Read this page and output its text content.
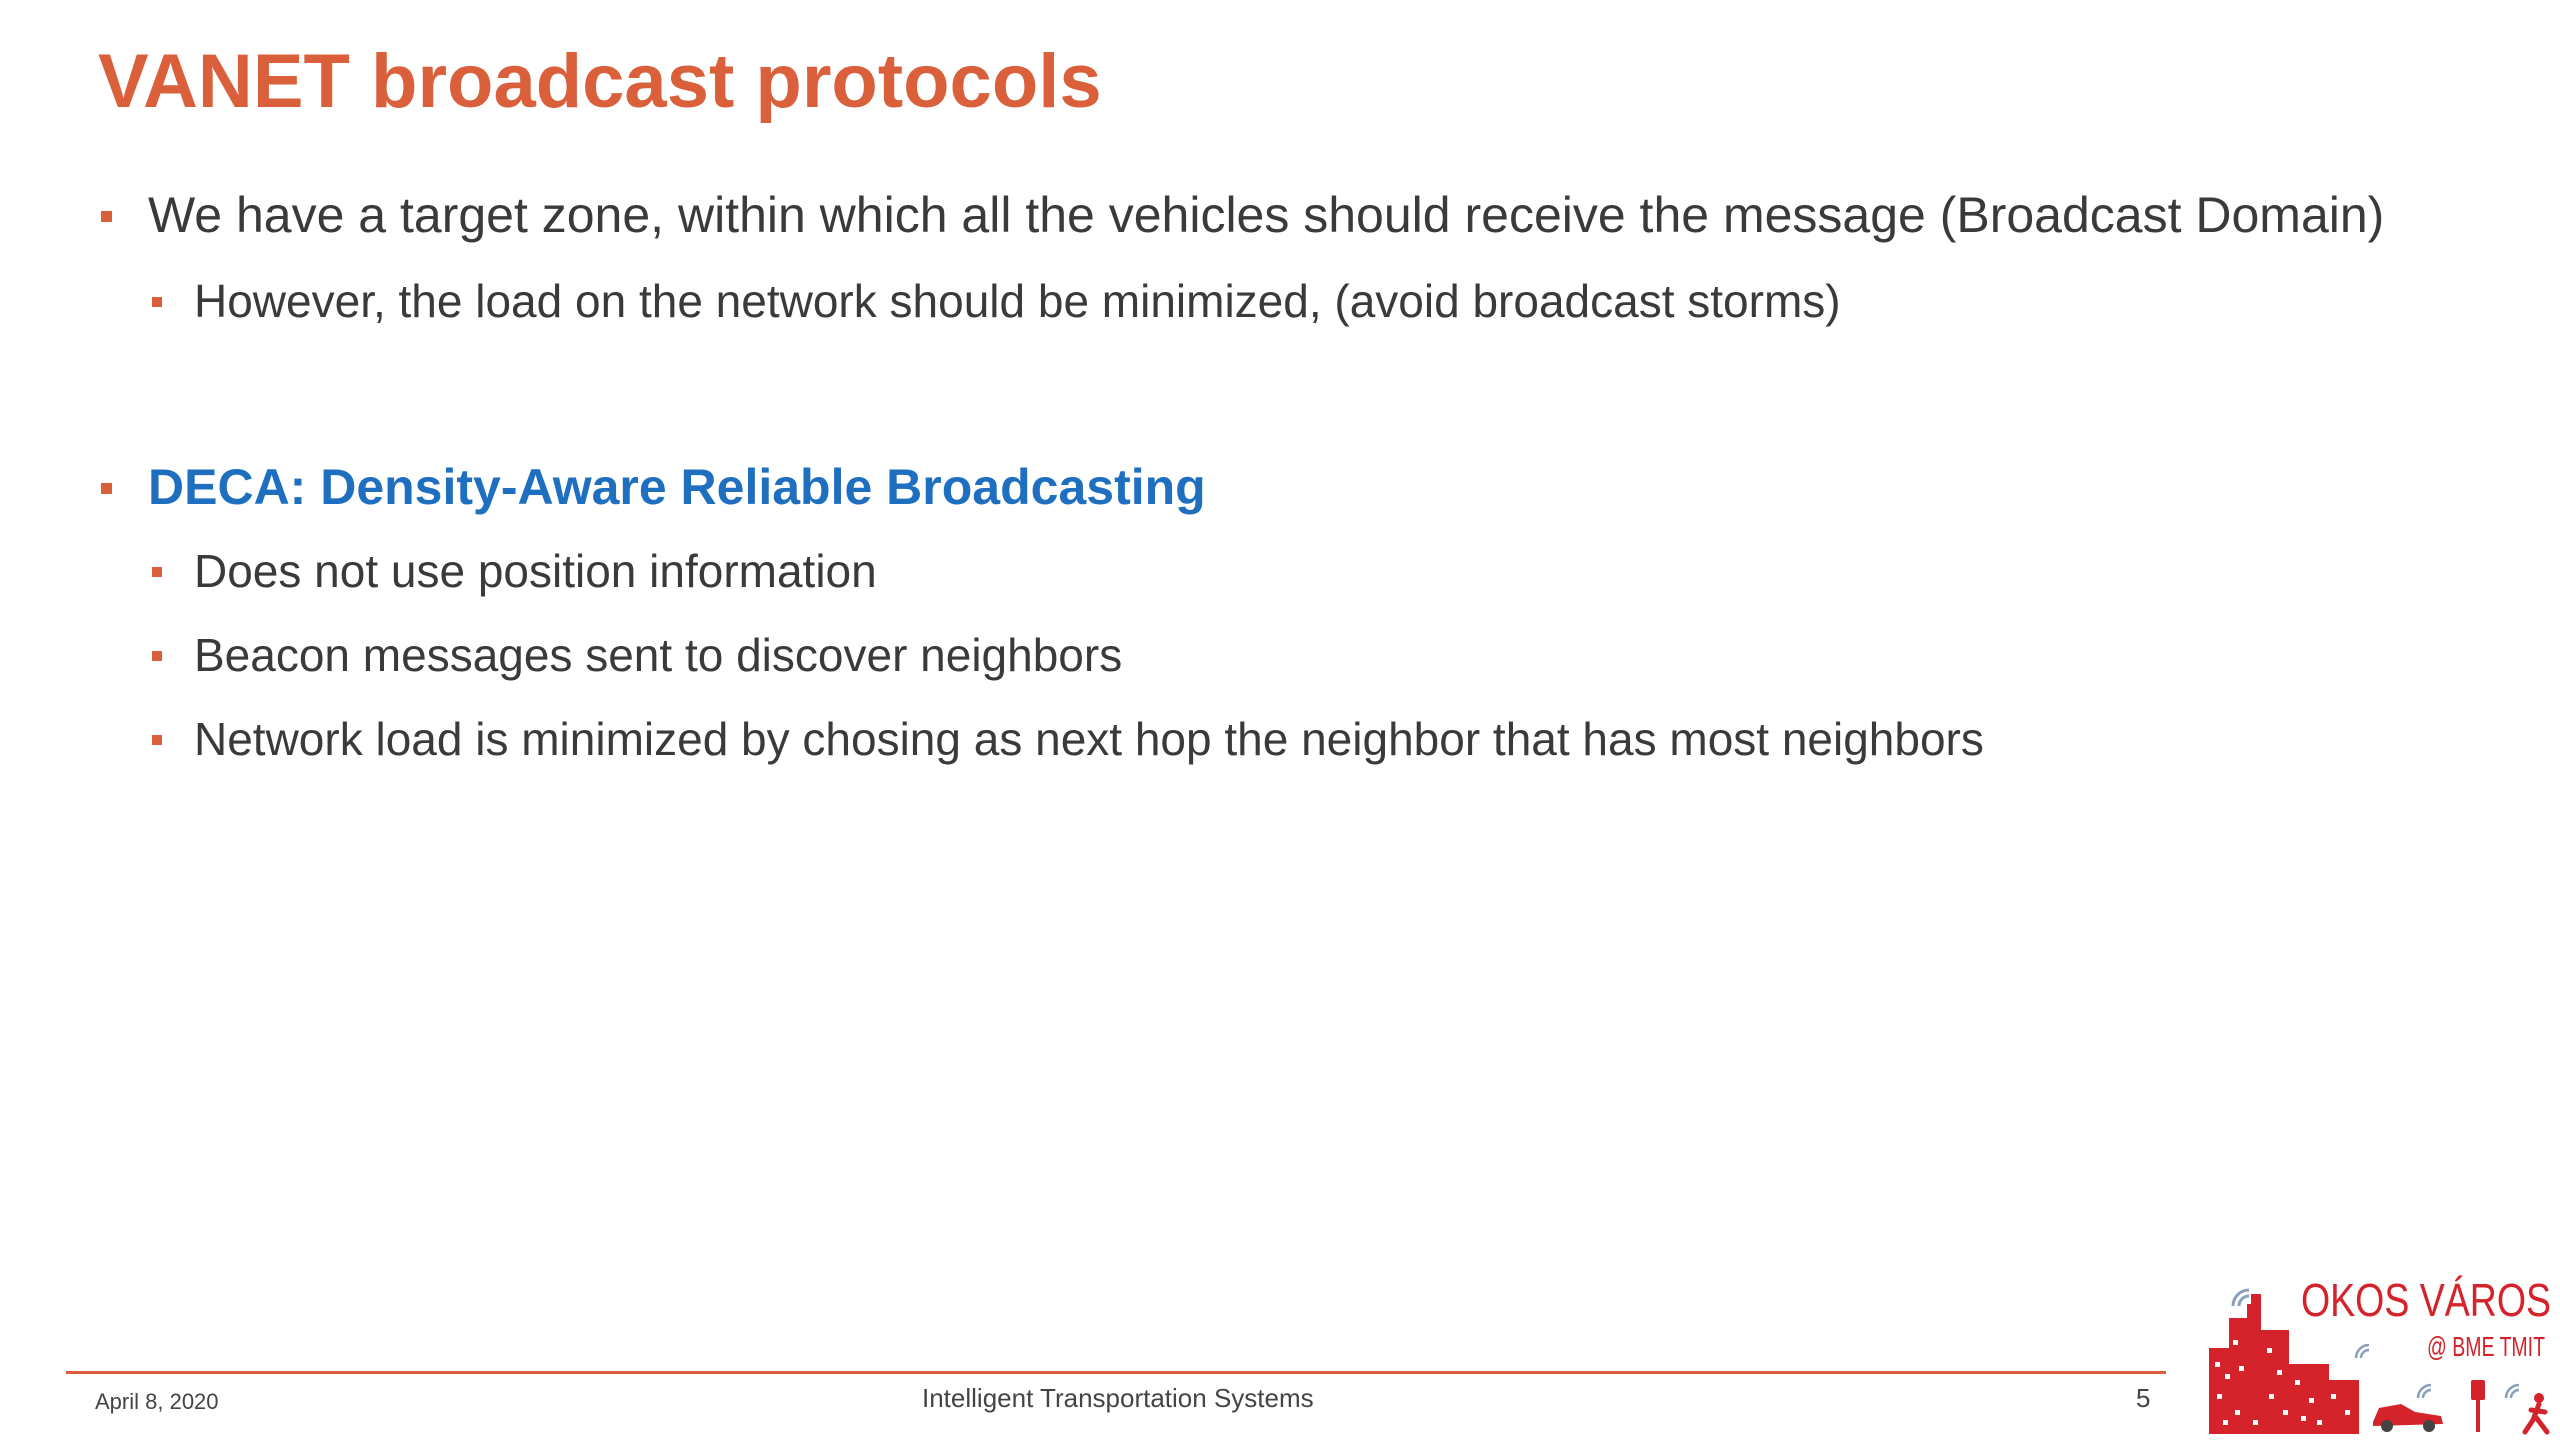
VANET broadcast protocols
We have a target zone, within which all the vehicles should receive the message (Broadcast Domain)
However, the load on the network should be minimized, (avoid broadcast storms)
DECA: Density-Aware Reliable Broadcasting
Does not use position information
Beacon messages sent to discover neighbors
Network load is minimized by chosing as next hop the neighbor that has most neighbors
April 8, 2020	Intelligent Transportation Systems	5
OKOS VÁROS
@ BME TMIT
